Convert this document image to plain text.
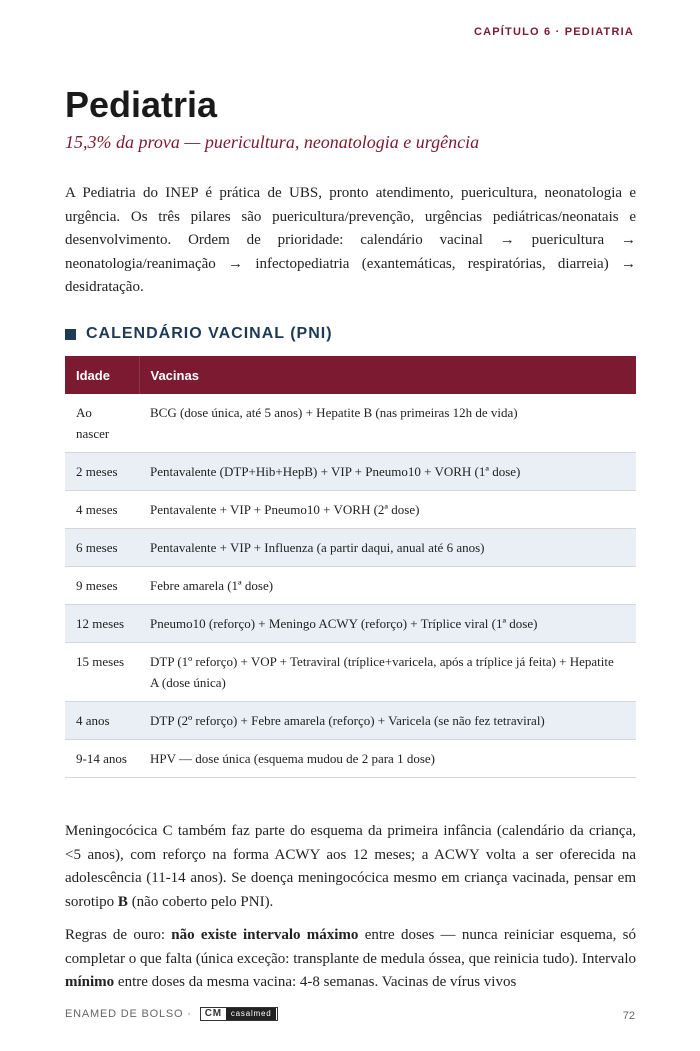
CAPÍTULO 6 · PEDIATRIA
Pediatria
15,3% da prova — puericultura, neonatologia e urgência

A Pediatria do INEP é prática de UBS, pronto atendimento, puericultura, neonatologia e urgência. Os três pilares são puericultura/prevenção, urgências pediátricas/neonatais e desenvolvimento. Ordem de prioridade: calendário vacinal → puericultura → neonatologia/reanimação → infectopediatria (exantemáticas, respiratórias, diarreia) → desidratação.

CALENDÁRIO VACINAL (PNI)
Idade	Vacinas
Ao nascer	BCG (dose única, até 5 anos) + Hepatite B (nas primeiras 12h de vida)
2 meses	Pentavalente (DTP+Hib+HepB) + VIP + Pneumo10 + VORH (1ª dose)
4 meses	Pentavalente + VIP + Pneumo10 + VORH (2ª dose)
6 meses	Pentavalente + VIP + Influenza (a partir daqui, anual até 6 anos)
9 meses	Febre amarela (1ª dose)
12 meses	Pneumo10 (reforço) + Meningo ACWY (reforço) + Tríplice viral (1ª dose)
15 meses	DTP (1º reforço) + VOP + Tetraviral (tríplice+varicela, após a tríplice já feita) + Hepatite A (dose única)
4 anos	DTP (2º reforço) + Febre amarela (reforço) + Varicela (se não fez tetraviral)
9-14 anos	HPV — dose única (esquema mudou de 2 para 1 dose)

Meningocócica C também faz parte do esquema da primeira infância (calendário da criança, <5 anos), com reforço na forma ACWY aos 12 meses; a ACWY volta a ser oferecida na adolescência (11-14 anos). Se doença meningocócica mesmo em criança vacinada, pensar em sorotipo B (não coberto pelo PNI).

Regras de ouro: não existe intervalo máximo entre doses — nunca reiniciar esquema, só completar o que falta (única exceção: transplante de medula óssea, que reinicia tudo). Intervalo mínimo entre doses da mesma vacina: 4-8 semanas. Vacinas de vírus vivos

ENAMED DE BOLSO ·	CM	casalmed	72
